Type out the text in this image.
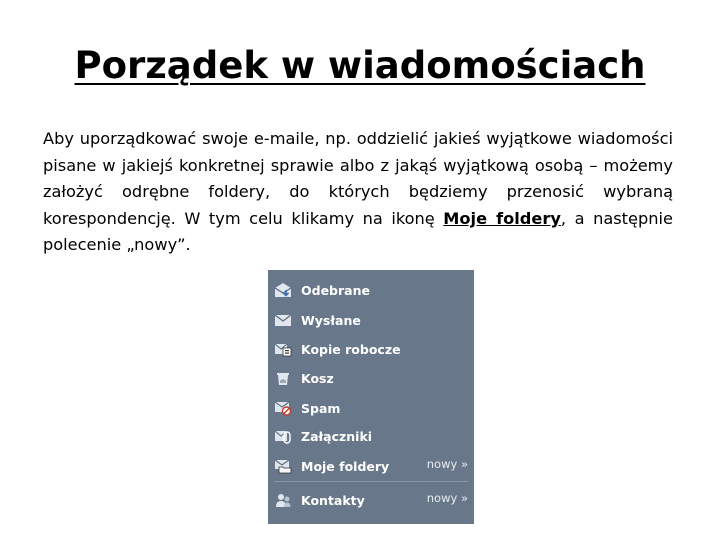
Porządek w wiadomościach
Aby uporządkować swoje e-maile, np. oddzielić jakieś wyjątkowe wiadomości pisane w jakiejś konkretnej sprawie albo z jakąś wyjątkową osobą – możemy założyć odrębne foldery, do których będziemy przenosić wybraną korespondencję. W tym celu klikamy na ikonę Moje foldery, a następnie polecenie „nowy”.
Odebrane
Wysłane
Kopie robocze
Kosz
Spam
Załączniki
Moje foldery	nowy »
Kontakty	nowy »
